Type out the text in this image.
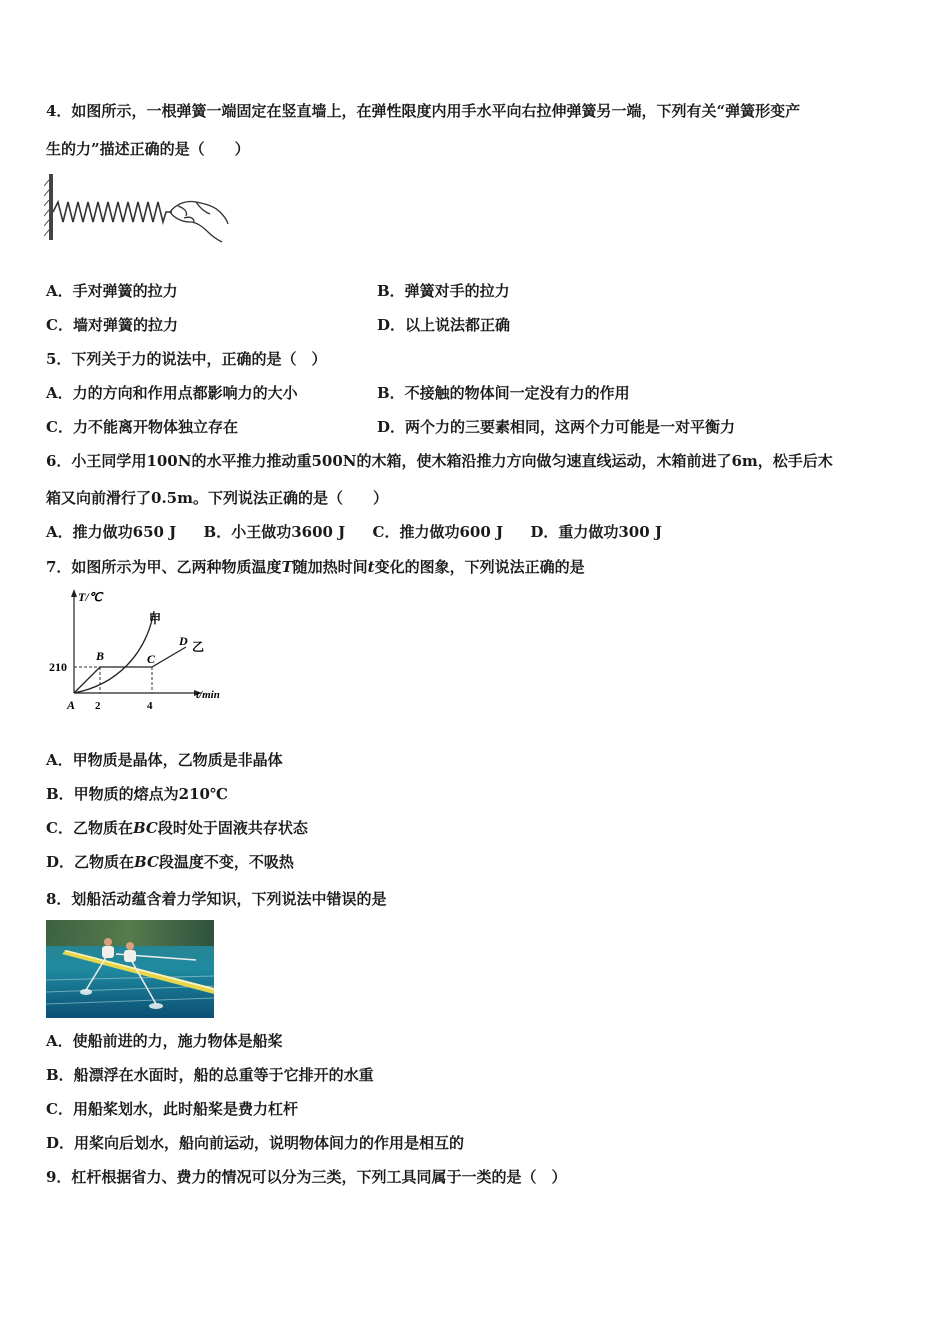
4．如图所示，一根弹簧一端固定在竖直墙上，在弹性限度内用手水平向右拉伸弹簧另一端，下列有关“弹簧形变产
生的力”描述正确的是（　　）
A．手对弹簧的拉力	B．弹簧对手的拉力
C．墙对弹簧的拉力	D．以上说法都正确
5．下列关于力的说法中，正确的是（　）
A．力的方向和作用点都影响力的大小	B．不接触的物体间一定没有力的作用
C．力不能离开物体独立存在	D．两个力的三要素相同，这两个力可能是一对平衡力
6．小王同学用100N的水平推力推动重500N的木箱，使木箱沿推力方向做匀速直线运动，木箱前进了6m，松手后木
箱又向前滑行了0.5m。下列说法正确的是（　　）
A．推力做功650 J B．小王做功3600 J C．推力做功600 J D．重力做功300 J
7．如图所示为甲、乙两种物质温度T随加热时间t变化的图象，下列说法正确的是
T/℃
t/min
210
2	4
A
B	C
D
甲
乙
A．甲物质是晶体，乙物质是非晶体
B．甲物质的熔点为210℃
C．乙物质在BC段时处于固液共存状态
D．乙物质在BC段温度不变，不吸热
8．划船活动蕴含着力学知识，下列说法中错误的是
A．使船前进的力，施力物体是船桨
B．船漂浮在水面时，船的总重等于它排开的水重
C．用船桨划水，此时船桨是费力杠杆
D．用桨向后划水，船向前运动，说明物体间力的作用是相互的
9．杠杆根据省力、费力的情况可以分为三类，下列工具同属于一类的是（　）
